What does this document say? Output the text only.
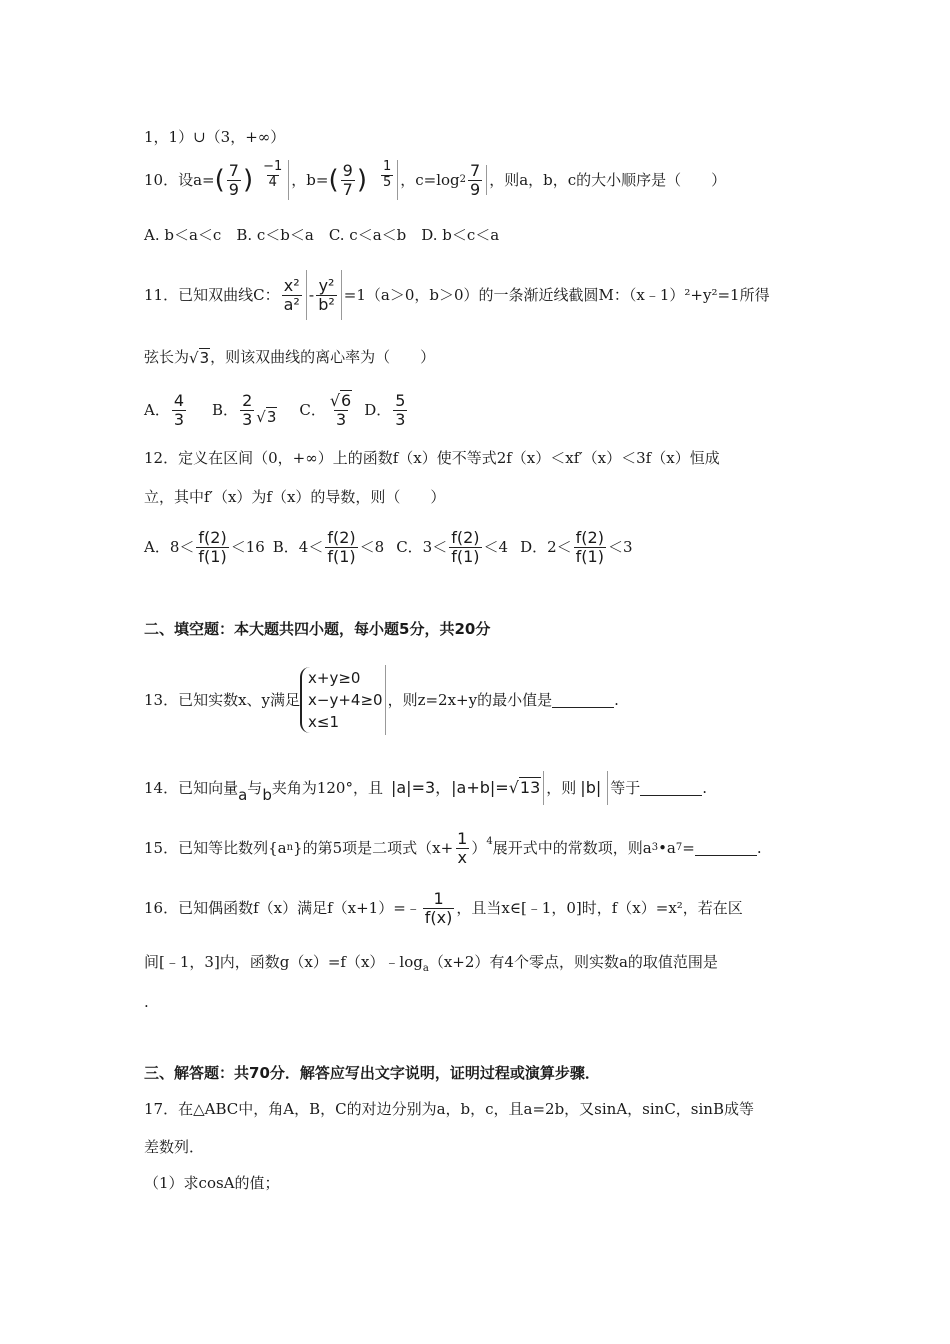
1，1）∪（3，+∞）
10．设a= ( $\frac{7}{9}$ ) $\frac{-1}{4}$ ，b= ( $\frac{9}{7}$ ) $\frac{1}{5}$ ，c=log $2 \frac{7}{9}$ ，则a，b，c的大小顺序是（　　）
A. b＜a＜c　B. c＜b＜a　C. c＜a＜b　D. b＜c＜a
11．已知双曲线C： $\frac{\text{x²}}{\text{a²}} - \frac{\text{y²}}{\text{b²}} =1(a>0$，b＞0）的一条渐近线截圆M：（x﹣1）²+y²=1所得
弦长为√3，则该双曲线的离心率为（　　）
A． $\frac{4}{3}$ B． $\frac{2}{3} √3$ C． $\frac{√6}{3}$ D． $\frac{5}{3}$
12．定义在区间（0，+∞）上的函数f（x）使不等式2f（x）＜xf′（x）＜3f（x）恒成
立，其中f′（x）为f（x）的导数，则（　　）
A．$8< \frac{f(2)}{f(1)} <16$ B．$4< \frac{f(2)}{f(1)} <8$ C．$3< \frac{f(2)}{f(1)} <4$ D．$2< \frac{f(2)}{f(1)} <3$
二、填空题：本大题共四小题，每小题5分，共20分
13．已知实数x、y满足
x+y≥0
x−y+4≥0
x≤1
，则z=2x+y的最小值是	.
14．已知向量 a 与 b 夹角为120°，且 |a|=3，|a+b|=√13 ，则 |b| 等于	.
15．已知等比数列{a n }的第5项是二项式$(x+ \frac{1}{x} )^4$ 展开式中的常数项，则a 3 •a 7 =	.
16．已知偶函数f（x）满足f（x+1）=﹣ $\frac{1}{f(x)}$ ，且当x∈[﹣1，0]时，f（x）=x²，若在区
间[﹣1，3]内，函数$g(x)=f(x)﹣\log_a(x+2)$有4个零点，则实数a的取值范围是
.
三、解答题：共70分．解答应写出文字说明，证明过程或演算步骤．
17．在△ABC中，角A，B，C的对边分别为a，b，c，且a=2b，又sinA，sinC，sinB成等
差数列．
（1）求cosA的值；
